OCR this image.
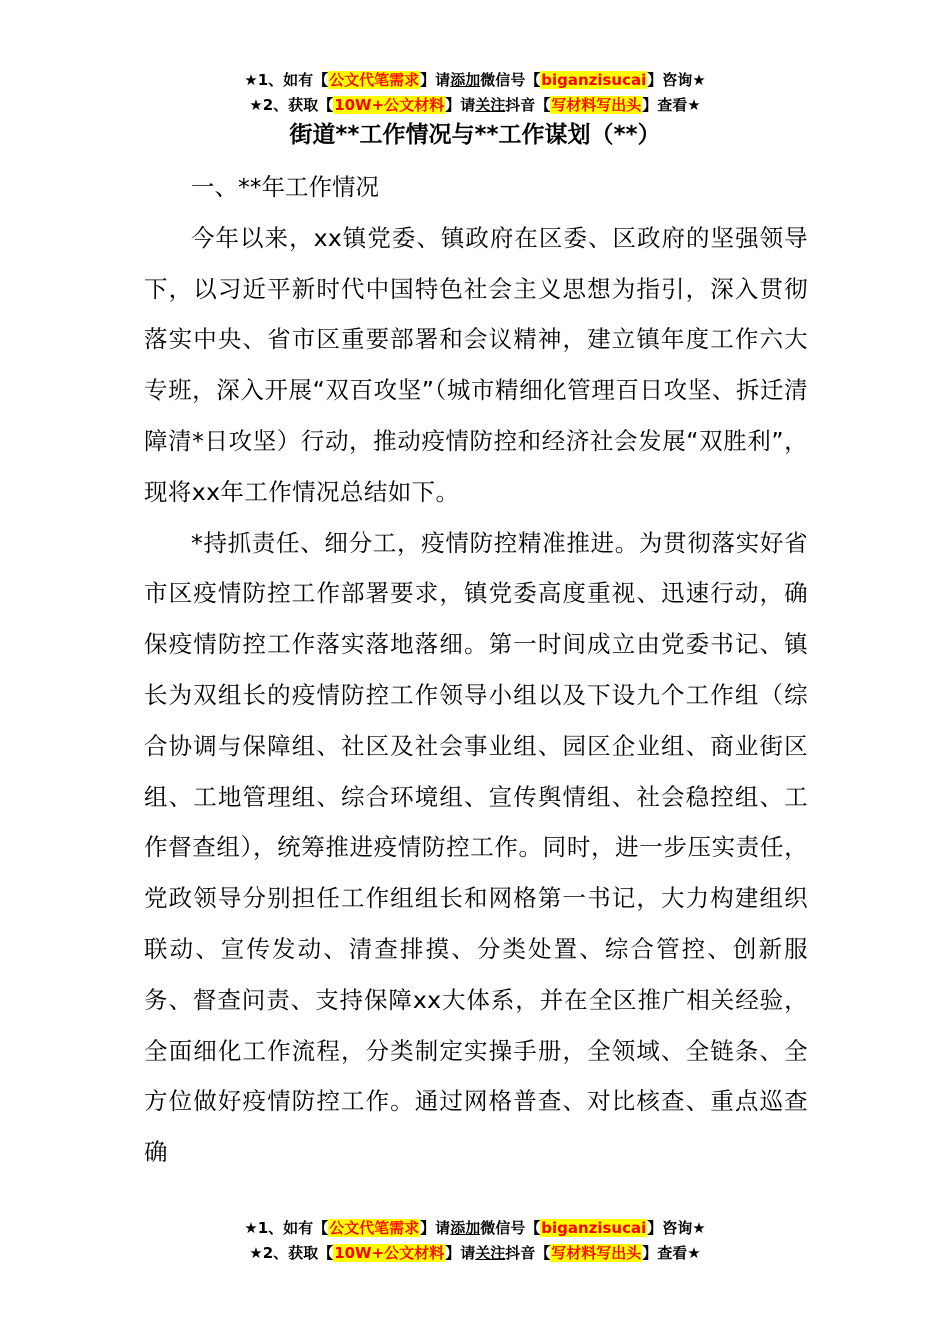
★1、如有【公文代笔需求】请添加微信号【biganzisucai】咨询★
★2、获取【10W+公文材料】请关注抖音【写材料写出头】查看★
街道**工作情况与**工作谋划（**）

一、**年工作情况

今年以来，xx镇党委、镇政府在区委、区政府的坚强领导下，以习近平新时代中国特色社会主义思想为指引，深入贯彻落实中央、省市区重要部署和会议精神，建立镇年度工作六大专班，深入开展“双百攻坚”（城市精细化管理百日攻坚、拆迁清障清*日攻坚）行动，推动疫情防控和经济社会发展“双胜利”，现将xx年工作情况总结如下。

*持抓责任、细分工，疫情防控精准推进。为贯彻落实好省市区疫情防控工作部署要求，镇党委高度重视、迅速行动，确保疫情防控工作落实落地落细。第一时间成立由党委书记、镇长为双组长的疫情防控工作领导小组以及下设九个工作组（综合协调与保障组、社区及社会事业组、园区企业组、商业街区组、工地管理组、综合环境组、宣传舆情组、社会稳控组、工作督查组），统筹推进疫情防控工作。同时，进一步压实责任，党政领导分别担任工作组组长和网格第一书记，大力构建组织联动、宣传发动、清查排摸、分类处置、综合管控、创新服务、督查问责、支持保障xx大体系，并在全区推广相关经验，全面细化工作流程，分类制定实操手册，全领域、全链条、全方位做好疫情防控工作。通过网格普查、对比核查、重点巡查确

★1、如有【公文代笔需求】请添加微信号【biganzisucai】咨询★
★2、获取【10W+公文材料】请关注抖音【写材料写出头】查看★
